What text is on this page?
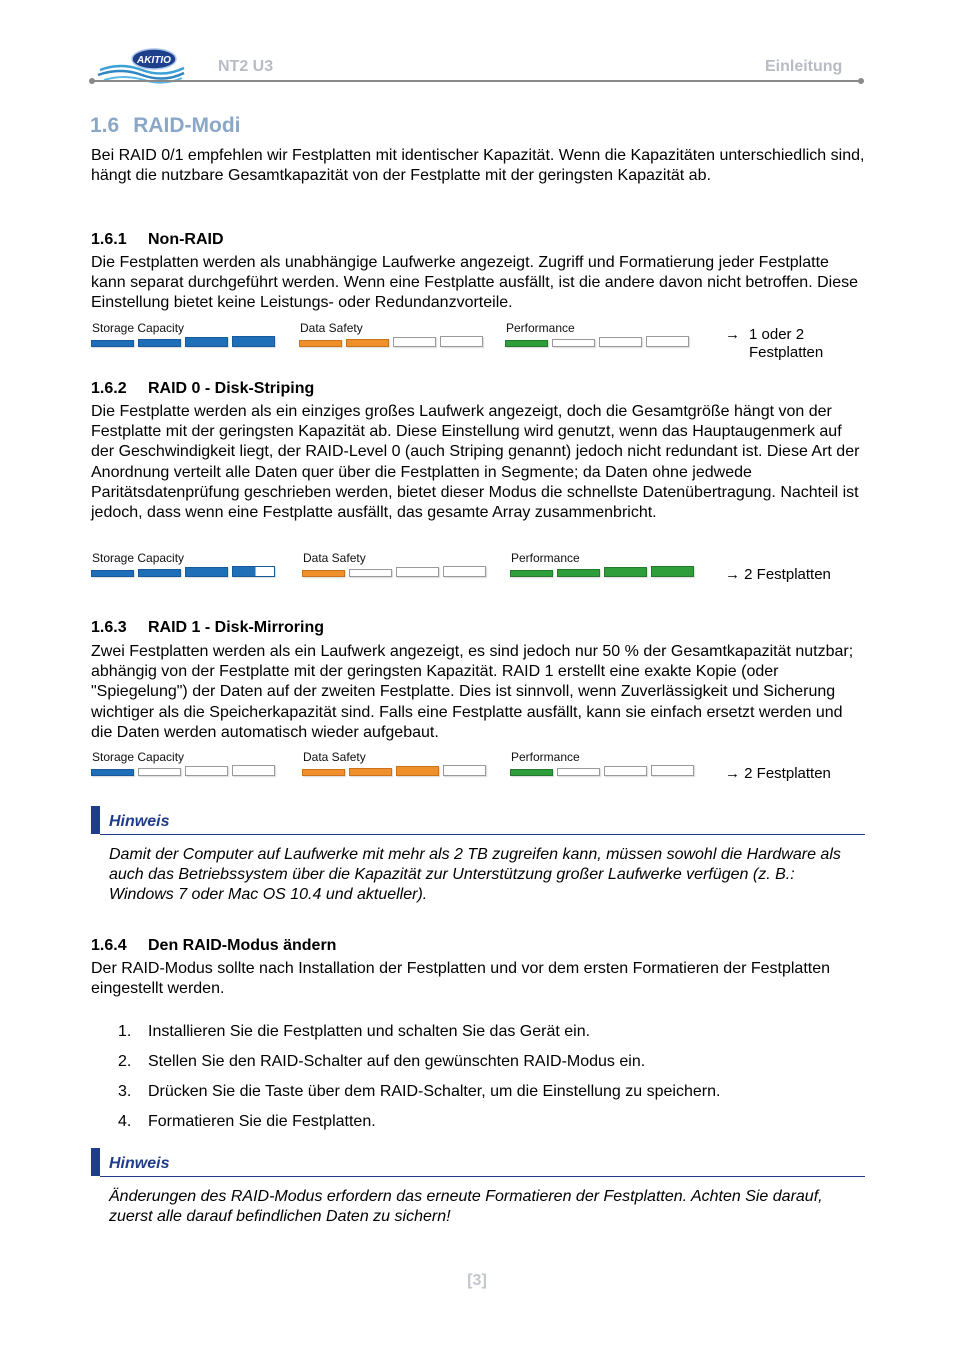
AKITIO	NT2 U3	Einleitung
1.6 RAID-Modi

Bei RAID 0/1 empfehlen wir Festplatten mit identischer Kapazität. Wenn die Kapazitäten unterschiedlich sind, hängt die nutzbare Gesamtkapazität von der Festplatte mit der geringsten Kapazität ab.

1.6.1 Non-RAID

Die Festplatten werden als unabhängige Laufwerke angezeigt. Zugriff und Formatierung jeder Festplatte kann separat durchgeführt werden. Wenn eine Festplatte ausfällt, ist die andere davon nicht betroffen. Diese Einstellung bietet keine Leistungs- oder Redundanzvorteile.

Storage Capacity	Data Safety	Performance	→ 1 oder 2
Festplatten
1.6.2 RAID 0 - Disk-Striping

Die Festplatte werden als ein einziges großes Laufwerk angezeigt, doch die Gesamtgröße hängt von der Festplatte mit der geringsten Kapazität ab. Diese Einstellung wird genutzt, wenn das Hauptaugenmerk auf der Geschwindigkeit liegt, der RAID-Level 0 (auch Striping genannt) jedoch nicht redundant ist. Diese Art der Anordnung verteilt alle Daten quer über die Festplatten in Segmente; da Daten ohne jedwede Paritätsdatenprüfung geschrieben werden, bietet dieser Modus die schnellste Datenübertragung. Nachteil ist jedoch, dass wenn eine Festplatte ausfällt, das gesamte Array zusammenbricht.

Storage Capacity	Data Safety	Performance
→ 2 Festplatten
1.6.3 RAID 1 - Disk-Mirroring

Zwei Festplatten werden als ein Laufwerk angezeigt, es sind jedoch nur 50 % der Gesamtkapazität nutzbar; abhängig von der Festplatte mit der geringsten Kapazität. RAID 1 erstellt eine exakte Kopie (oder "Spiegelung") der Daten auf der zweiten Festplatte. Dies ist sinnvoll, wenn Zuverlässigkeit und Sicherung wichtiger als die Speicherkapazität sind. Falls eine Festplatte ausfällt, kann sie einfach ersetzt werden und die Daten werden automatisch wieder aufgebaut.

Storage Capacity	Data Safety	Performance
→ 2 Festplatten
Hinweis

Damit der Computer auf Laufwerke mit mehr als 2 TB zugreifen kann, müssen sowohl die Hardware als auch das Betriebssystem über die Kapazität zur Unterstützung großer Laufwerke verfügen (z. B.: Windows 7 oder Mac OS 10.4 und aktueller).

1.6.4 Den RAID-Modus ändern

Der RAID-Modus sollte nach Installation der Festplatten und vor dem ersten Formatieren der Festplatten eingestellt werden.

1. Installieren Sie die Festplatten und schalten Sie das Gerät ein.
2. Stellen Sie den RAID-Schalter auf den gewünschten RAID-Modus ein.
3. Drücken Sie die Taste über dem RAID-Schalter, um die Einstellung zu speichern.
4. Formatieren Sie die Festplatten.
Hinweis

Änderungen des RAID-Modus erfordern das erneute Formatieren der Festplatten. Achten Sie darauf, zuerst alle darauf befindlichen Daten zu sichern!

[3]
